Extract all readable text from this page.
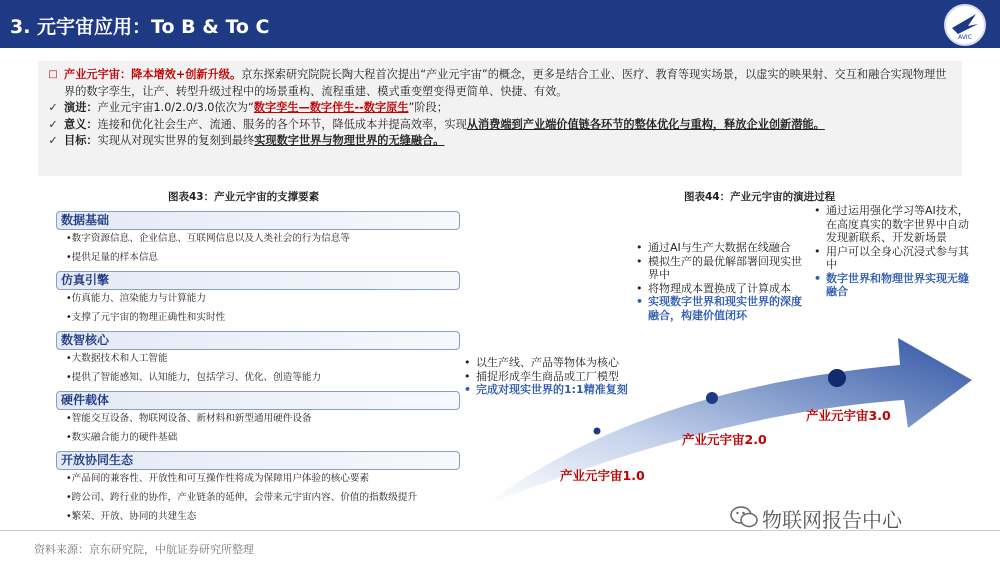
3. 元宇宙应用：To B & To C	AVIC
□ 产业元宇宙：降本增效+创新升级。京东探索研究院院长陶大程首次提出“产业元宇宙”的概念，更多是结合工业、医疗、教育等现实场景，以虚实的映果射、交互和融合实现物理世界的数字孪生，让产、转型升级过程中的场景重构、流程重建、模式重变塑变得更简单、快捷、有效。
✓ 演进：产业元宇宙1.0/2.0/3.0依次为“数字孪生—数字伴生--数字原生”阶段；
✓ 意义：连接和优化社会生产、流通、服务的各个环节，降低成本并提高效率，实现从消费端到产业端价值链各环节的整体优化与重构，释放企业创新潜能。
✓ 目标：实现从对现实世界的复刻到最终实现数字世界与物理世界的无缝融合。
图表43：产业元宇宙的支撑要素	图表44：产业元宇宙的演进过程
数据基础
•数字资源信息、企业信息、互联网信息以及人类社会的行为信息等
•提供足量的样本信息
仿真引擎
•仿真能力、渲染能力与计算能力
•支撑了元宇宙的物理正确性和实时性
数智核心
•大数据技术和人工智能
•提供了智能感知、认知能力，包括学习、优化、创造等能力
硬件载体
•智能交互设备、物联网设备、新材料和新型通用硬件设备
•数实融合能力的硬件基础
开放协同生态
•产品间的兼容性、开放性和可互操作性将成为保障用户体验的核心要素
•跨公司、跨行业的协作，产业链条的延伸，会带来元宇宙内容、价值的指数级提升
•繁荣、开放、协同的共建生态
产业元宇宙1.0
产业元宇宙2.0
产业元宇宙3.0
• 以生产线、产品等物体为核心
• 捕捉形成孪生商品或工厂模型
• 完成对现实世界的1:1精准复刻
• 通过AI与生产大数据在线融合
• 模拟生产的最优解部署回现实世界中
• 将物理成本置换成了计算成本
• 实现数字世界和现实世界的深度融合，构建价值闭环
• 通过运用强化学习等AI技术，在高度真实的数字世界中自动发现新联系、开发新场景
• 用户可以全身心沉浸式参与其中
• 数字世界和物理世界实现无缝融合
物联网报告中心
资料来源：京东研究院，中航证券研究所整理
